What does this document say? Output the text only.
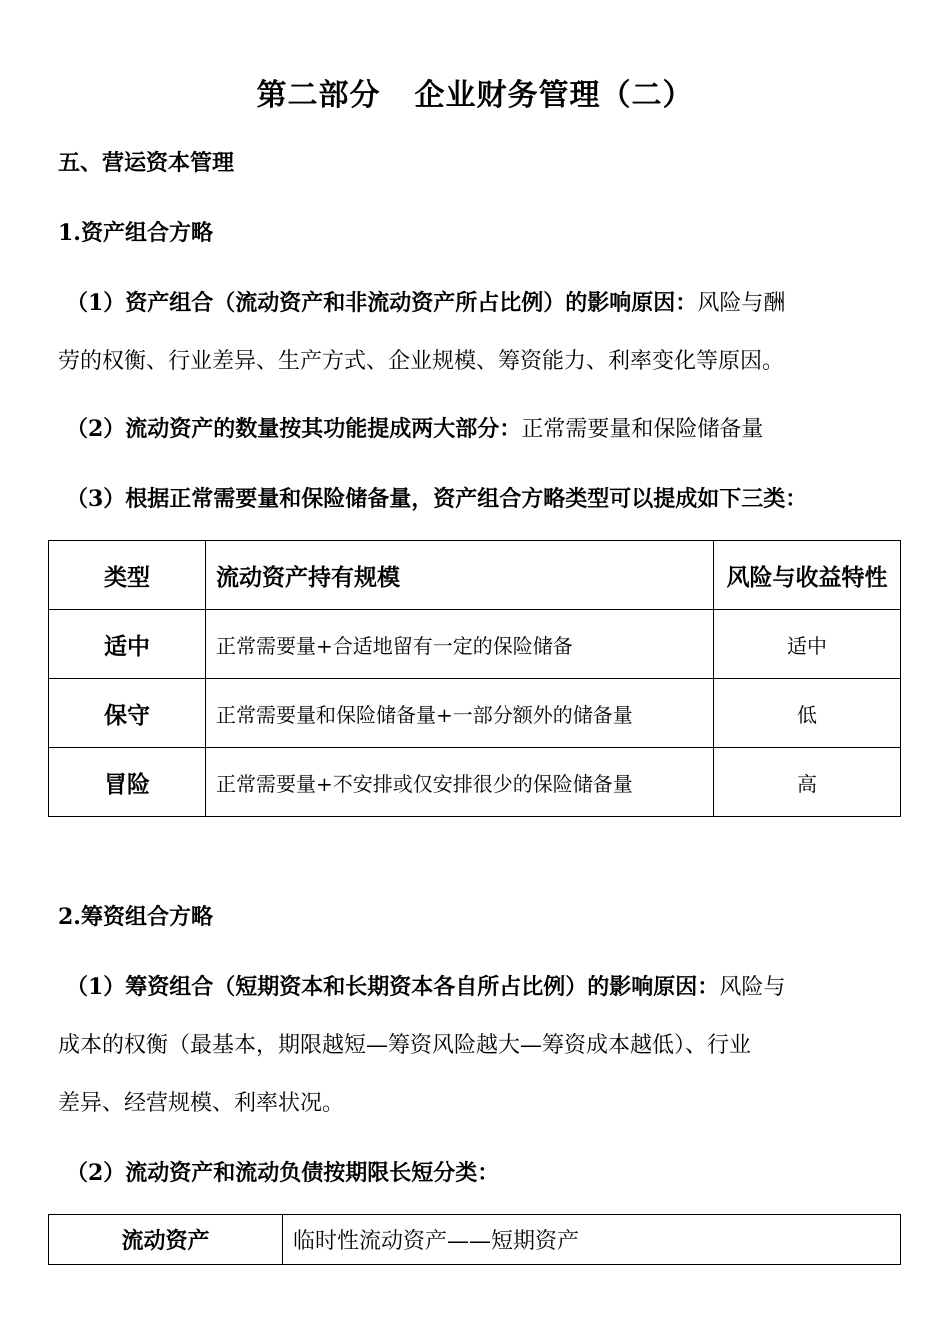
第二部分 企业财务管理（二）
五、营运资本管理
1.资产组合方略
（1）资产组合（流动资产和非流动资产所占比例）的影响原因：风险与酬
劳的权衡、行业差异、生产方式、企业规模、筹资能力、利率变化等原因。
（2）流动资产的数量按其功能提成两大部分：正常需要量和保险储备量
（3）根据正常需要量和保险储备量，资产组合方略类型可以提成如下三类：
类型	流动资产持有规模	风险与收益特性
适中	正常需要量+合适地留有一定的保险储备	适中
保守	正常需要量和保险储备量+一部分额外的储备量	低
冒险	正常需要量+不安排或仅安排很少的保险储备量	高
2.筹资组合方略
（1）筹资组合（短期资本和长期资本各自所占比例）的影响原因：风险与
成本的权衡（最基本，期限越短—筹资风险越大—筹资成本越低）、行业
差异、经营规模、利率状况。
（2）流动资产和流动负债按期限长短分类：
流动资产	临时性流动资产——短期资产
